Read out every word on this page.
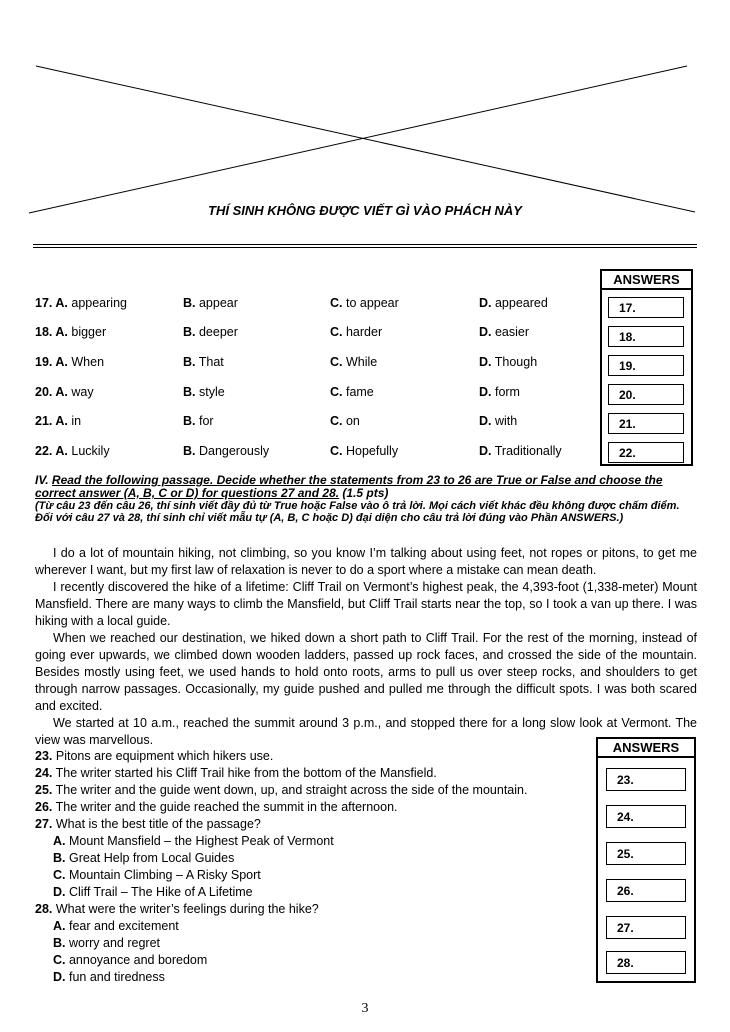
THÍ SINH KHÔNG ĐƯỢC VIẾT GÌ VÀO PHÁCH NÀY
ANSWERS
17. A. appearing	B. appear	C. to appear	D. appeared
18. A. bigger	B. deeper	C. harder	D. easier
19. A. When	B. That	C. While	D. Though
20. A. way	B. style	C. fame	D. form
21. A. in	B. for	C. on	D. with
22. A. Luckily	B. Dangerously	C. Hopefully	D. Traditionally
17.
18.
19.
20.
21.
22.
IV. Read the following passage. Decide whether the statements from 23 to 26 are True or False and choose the correct answer (A, B, C or D) for questions 27 and 28. (1.5 pts)
(Từ câu 23 đến câu 26, thí sinh viết đầy đủ từ True hoặc False vào ô trả lời. Mọi cách viết khác đều không được chấm điểm. Đối với câu 27 và 28, thí sinh chỉ viết mẫu tự (A, B, C hoặc D) đại diện cho câu trả lời đúng vào Phần ANSWERS.)
I do a lot of mountain hiking, not climbing, so you know I’m talking about using feet, not ropes or pitons, to get me wherever I want, but my first law of relaxation is never to do a sport where a mistake can mean death.
I recently discovered the hike of a lifetime: Cliff Trail on Vermont’s highest peak, the 4,393-foot (1,338-meter) Mount Mansfield. There are many ways to climb the Mansfield, but Cliff Trail starts near the top, so I took a van up there. I was hiking with a local guide.
When we reached our destination, we hiked down a short path to Cliff Trail. For the rest of the morning, instead of going ever upwards, we climbed down wooden ladders, passed up rock faces, and crossed the side of the mountain. Besides mostly using feet, we used hands to hold onto roots, arms to pull us over steep rocks, and shoulders to get through narrow passages. Occasionally, my guide pushed and pulled me through the difficult spots. I was both scared and excited.
We started at 10 a.m., reached the summit around 3 p.m., and stopped there for a long slow look at Vermont. The view was marvellous.
23. Pitons are equipment which hikers use.
24. The writer started his Cliff Trail hike from the bottom of the Mansfield.
25. The writer and the guide went down, up, and straight across the side of the mountain.
26. The writer and the guide reached the summit in the afternoon.
27. What is the best title of the passage?
A. Mount Mansfield – the Highest Peak of Vermont
B. Great Help from Local Guides
C. Mountain Climbing – A Risky Sport
D. Cliff Trail – The Hike of A Lifetime
28. What were the writer’s feelings during the hike?
A. fear and excitement
B. worry and regret
C. annoyance and boredom
D. fun and tiredness
ANSWERS
23.
24.
25.
26.
27.
28.
3
